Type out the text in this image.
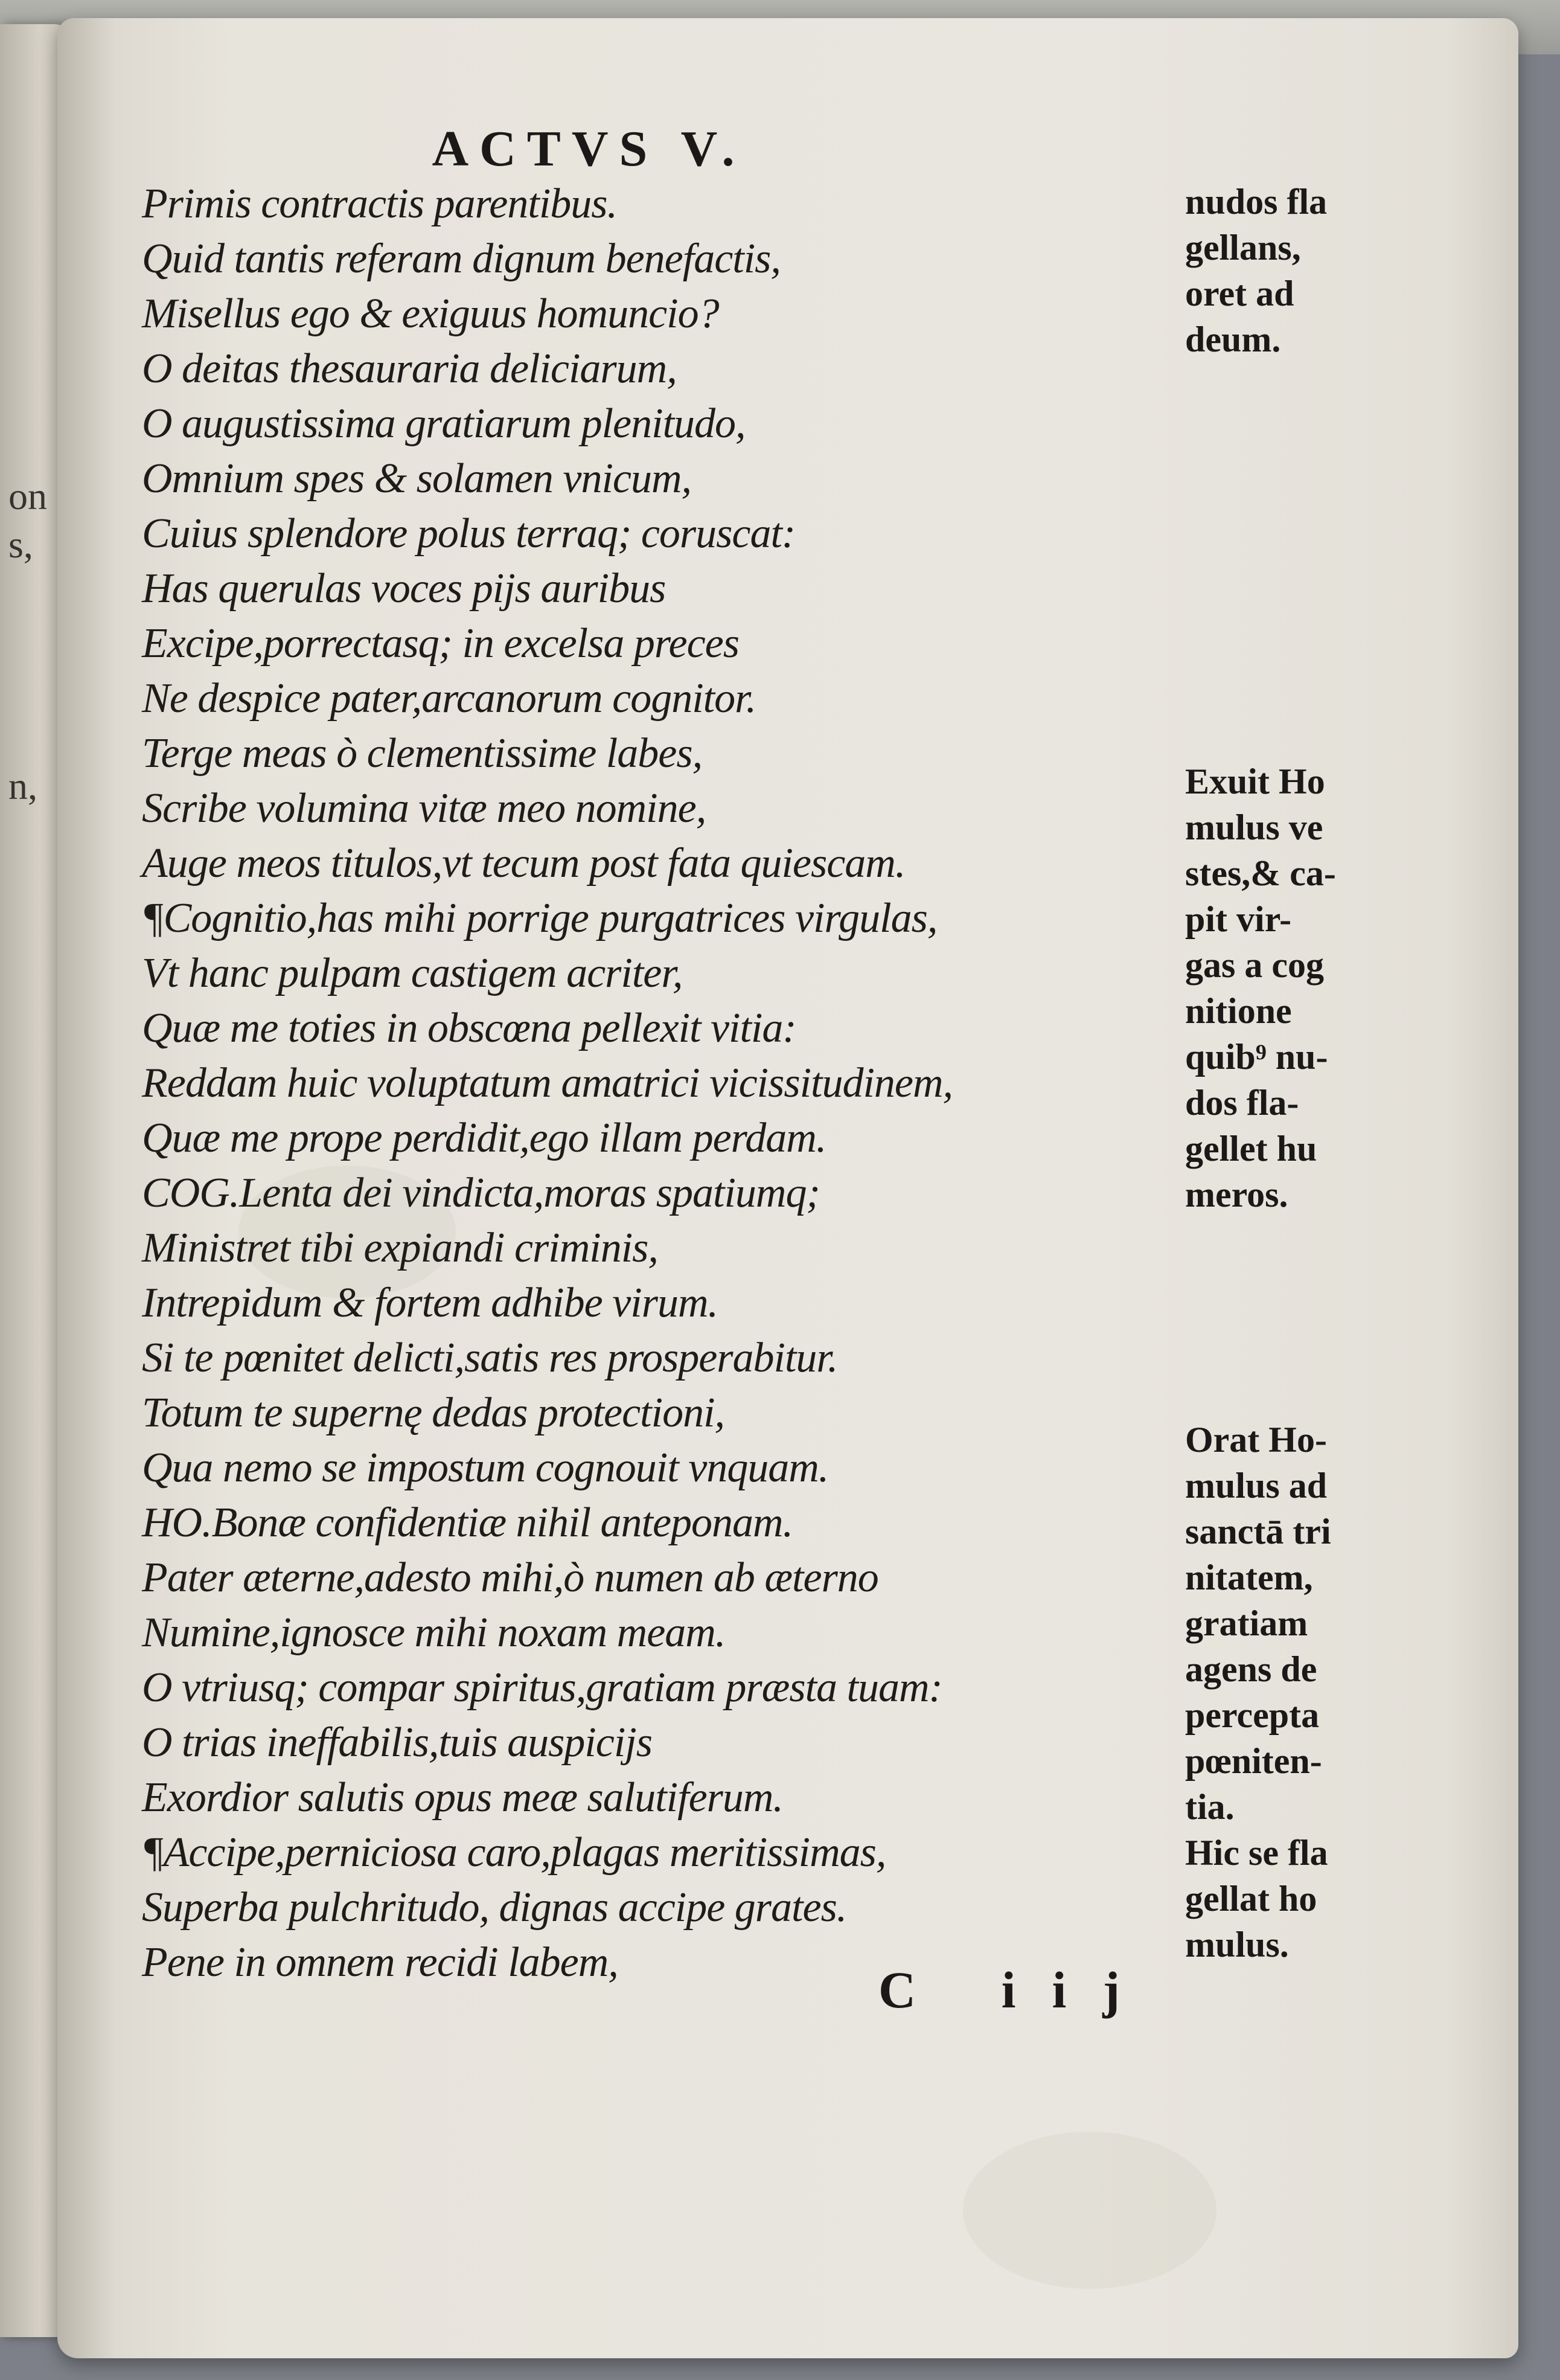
on
s,
n,
ACTVS V.
Primis contractis parentibus.
Quid tantis referam dignum benefactis,
Misellus ego & exiguus homuncio?
O deitas thesauraria deliciarum,
O augustissima gratiarum plenitudo,
Omnium spes & solamen vnicum,
Cuius splendore polus terraq; coruscat:
Has querulas voces pijs auribus
Excipe,porrectasq; in excelsa preces
Ne despice pater,arcanorum cognitor.
Terge meas ò clementissime labes,
Scribe volumina vitæ meo nomine,
Auge meos titulos,vt tecum post fata quiescam.
¶Cognitio,has mihi porrige purgatrices virgulas,
Vt hanc pulpam castigem acriter,
Quæ me toties in obscœna pellexit vitia:
Reddam huic voluptatum amatrici vicissitudinem,
Quæ me prope perdidit,ego illam perdam.
COG.Lenta dei vindicta,moras spatiumq;
Ministret tibi expiandi criminis,
Intrepidum & fortem adhibe virum.
Si te pœnitet delicti,satis res prosperabitur.
Totum te supernę dedas protectioni,
Qua nemo se impostum cognouit vnquam.
HO.Bonæ confidentiæ nihil anteponam.
Pater æterne,adesto mihi,ò numen ab æterno
Numine,ignosce mihi noxam meam.
O vtriusq; compar spiritus,gratiam præsta tuam:
O trias ineffabilis,tuis auspicijs
Exordior salutis opus meæ salutiferum.
¶Accipe,perniciosa caro,plagas meritissimas,
Superba pulchritudo, dignas accipe grates.
Pene in omnem recidi labem,
nudos fla
gellans,
oret ad
deum.
Exuit Ho
mulus ve
stes,& ca-
pit vir-
gas a cog
nitione
quib⁹ nu-
dos fla-
gellet hu
meros.
Orat Ho-
mulus ad
sanctā tri
nitatem,
gratiam
agens de
percepta
pœniten-
tia.
Hic se fla
gellat ho
mulus.
C iij
